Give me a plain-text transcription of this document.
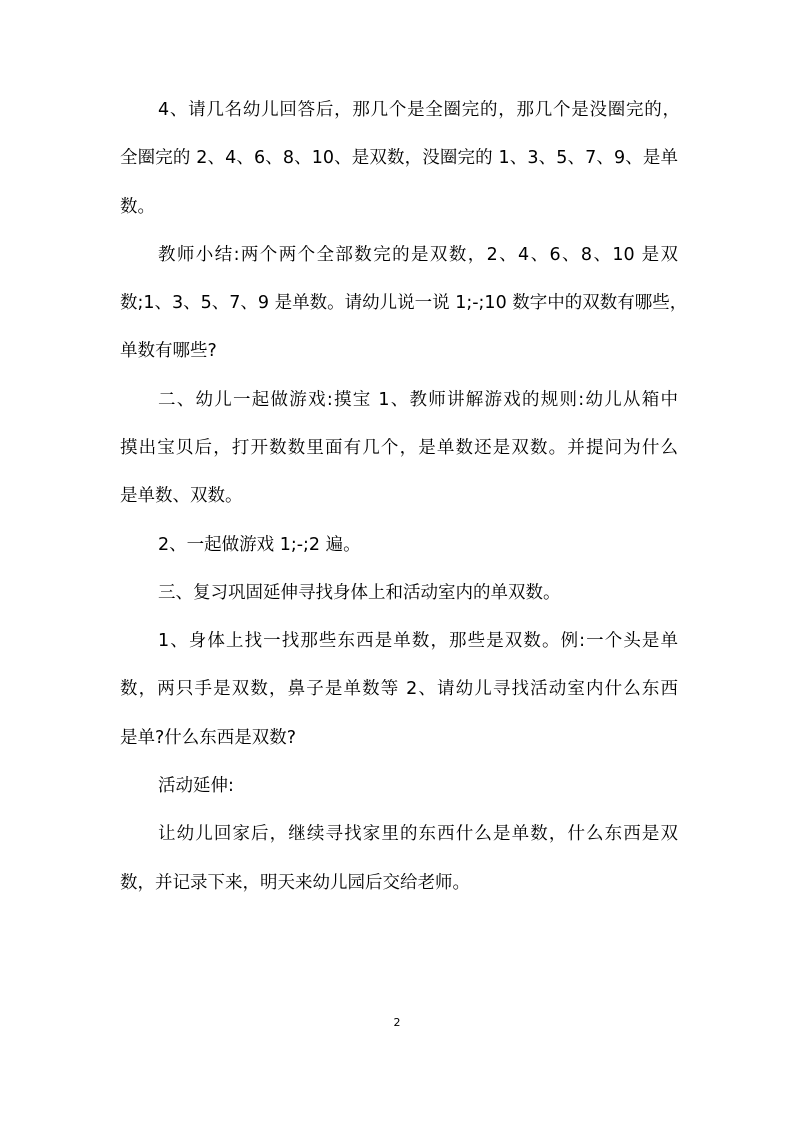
4、请几名幼儿回答后，那几个是全圈完的，那几个是没圈完的，
全圈完的 2、4、6、8、10、是双数，没圈完的 1、3、5、7、9、是单
数。
教师小结:两个两个全部数完的是双数，2、4、6、8、10 是双
数;1、3、5、7、9 是单数。请幼儿说一说 1;-;10 数字中的双数有哪些，
单数有哪些?
二、幼儿一起做游戏:摸宝 1、教师讲解游戏的规则:幼儿从箱中
摸出宝贝后，打开数数里面有几个，是单数还是双数。并提问为什么
是单数、双数。
2、一起做游戏 1;-;2 遍。
三、复习巩固延伸寻找身体上和活动室内的单双数。
1、身体上找一找那些东西是单数，那些是双数。例:一个头是单
数，两只手是双数，鼻子是单数等 2、请幼儿寻找活动室内什么东西
是单?什么东西是双数?
活动延伸:
让幼儿回家后，继续寻找家里的东西什么是单数，什么东西是双
数，并记录下来，明天来幼儿园后交给老师。
2
